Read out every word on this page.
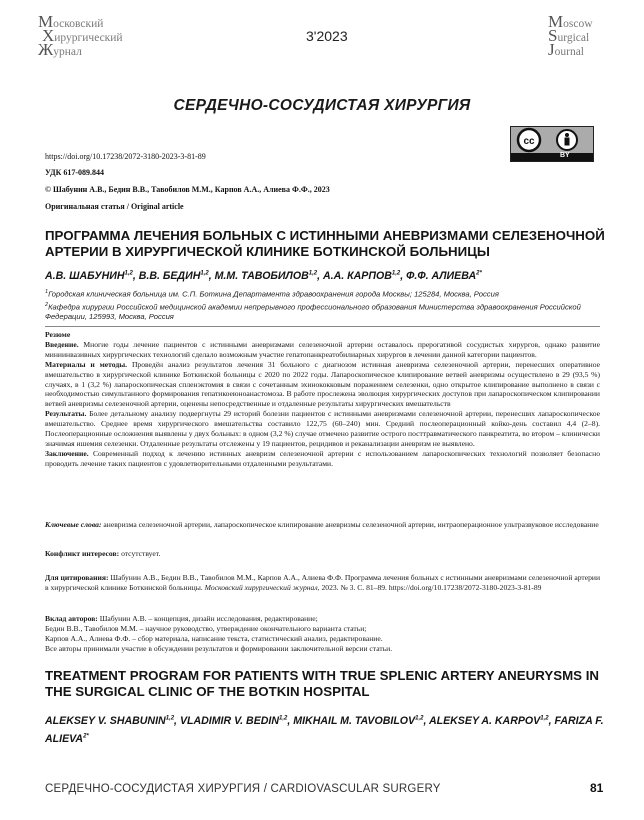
Московский
Хирургический
Журнал
3'2023
Moscow
Surgical
Journal
СЕРДЕЧНО-СОСУДИСТАЯ ХИРУРГИЯ
cc
BY
https://doi.org/10.17238/2072-3180-2023-3-81-89
УДК 617-089.844
© Шабунин А.В., Бедин В.В., Тавобилов М.М., Карпов А.А., Алиева Ф.Ф., 2023
Оригинальная статья / Original article
ПРОГРАММА ЛЕЧЕНИЯ БОЛЬНЫХ С ИСТИННЫМИ АНЕВРИЗМАМИ СЕЛЕЗЕНОЧНОЙ АРТЕРИИ В ХИРУРГИЧЕСКОЙ КЛИНИКЕ БОТКИНСКОЙ БОЛЬНИЦЫ
А.В. ШАБУНИН$^{1,2}$, В.В. БЕДИН$^{1,2}$, М.М. ТАВОБИЛОВ$^{1,2}$, А.А. КАРПОВ$^{1,2}$, Ф.Ф. $АЛИЕВА^{2*}$
$^1$Городская клиническая больница им. С.П. Боткина Департамента здравоохранения города Москвы; 125284, Москва, Россия
$^2$Кафедра хирургии Российской медицинской академии непрерывного профессионального образования Министерства здравоохранения Российской Федерации, 125993, Москва, Россия
Резюме
Введение. Многие годы лечение пациентов с истинными аневризмами селезеночной артерии оставалось прерогативой сосудистых хирургов, однако развитие миниинвазивных хирургических технологий сделало возможным участие гепатопанкреатобилиарных хирургов в лечении данной категории пациентов.
Материалы и методы. Проведён анализ результатов лечения 31 больного с диагнозом истинная аневризма селезеночной артерии, перенесших оперативное вмешательство в хирургической клинике Боткинской больницы с 2020 по 2022 годы. Лапароскопическое клипирование ветвей аневризмы осуществлено в 29 (93,5 %) случаях, в 1 (3,2 %) лапароскопическая спленэктомия в связи с сочетанным эхинококковым поражением селезенки, одно открытое клипирование выполнено в связи с необходимостью симультанного формирования гепатикоеюноанастомоза. В работе прослежена эволюция хирургических доступов при лапароскопическом клипировании ветвей аневризмы селезеночной артерии, оценены непосредственные и отдаленные результаты хирургических вмешательств
Результаты. Более детальному анализу подвергнуты 29 историй болезни пациентов с истинными аневризмами селезеночной артерии, перенесших лапароскопическое вмешательство. Среднее время хирургического вмешательства составило 122,75 (60–240) мин. Средний послеоперационный койко-день составил 4,4 (2–8). Послеоперационные осложнения выявлены у двух больных: в одном (3,2 %) случае отмечено развитие острого посттравматического панкреатита, во втором – клинически значимая ишемия селезенки. Отдаленные результаты отслежены у 19 пациентов, рецидивов и реканализации аневризм не выявлено.
Заключение. Современный подход к лечению истинных аневризм селезеночной артерии с использованием лапароскопических технологий позволяет безопасно проводить лечение таких пациентов с удовлетворительными отдаленными результатами.
Ключевые слова: аневризма селезеночной артерии, лапароскопическое клипирование аневризмы селезеночной артерии, интраоперационное ультразвуковое исследование
Конфликт интересов: отсутствует.
Для цитирования: Шабунин А.В., Бедин В.В., Тавобилов М.М., Карпов А.А., Алиева Ф.Ф. Программа лечения больных с истинными аневризмами селезеночной артерии в хирургической клинике Боткинской больницы. Московский хирургический журнал, 2023. № 3. С. 81–89. https://doi.org/10.17238/2072-3180-2023-3-81-89
Вклад авторов: Шабунин А.В. – концепция, дизайн исследования, редактирование;
Бедин В.В., Тавобилов М.М. – научное руководство, утверждение окончательного варианта статьи;
Карпов А.А., Алиева Ф.Ф. – сбор материала, написание текста, статистический анализ, редактирование.
Все авторы принимали участие в обсуждении результатов и формировании заключительной версии статьи.
TREATMENT PROGRAM FOR PATIENTS WITH TRUE SPLENIC ARTERY ANEURYSMS IN THE SURGICAL CLINIC OF THE BOTKIN HOSPITAL
ALEKSEY V. SHABUNIN$^{1,2}$, VLADIMIR V. BEDIN$^{1,2}$, MIKHAIL M. TAVOBILOV$^{1,2}$, ALEKSEY A. KARPOV$^{1,2}$, FARIZA F. $ALIEVA^{2*}$
СЕРДЕЧНО-СОСУДИСТАЯ ХИРУРГИЯ / CARDIOVASCULAR SURGERY	81
